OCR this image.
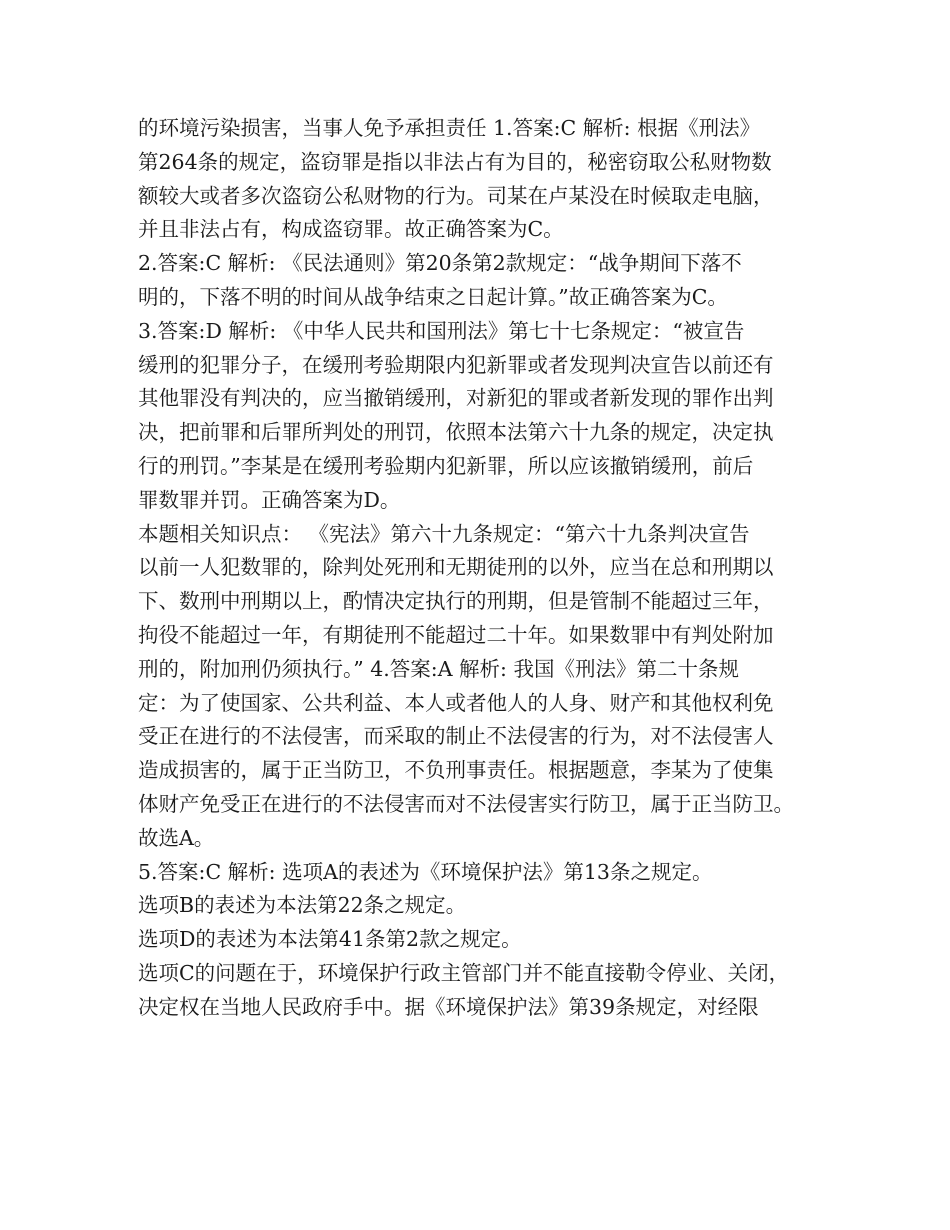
的环境污染损害，当事人免予承担责任 1.答案:C 解析: 根据《刑法》
第264条的规定，盗窃罪是指以非法占有为目的，秘密窃取公私财物数
额较大或者多次盗窃公私财物的行为。司某在卢某没在时候取走电脑，
并且非法占有，构成盗窃罪。故正确答案为C。
2.答案:C 解析: 《民法通则》第20条第2款规定：“战争期间下落不
明的，下落不明的时间从战争结束之日起计算。”故正确答案为C。
3.答案:D 解析: 《中华人民共和国刑法》第七十七条规定：“被宣告
缓刑的犯罪分子，在缓刑考验期限内犯新罪或者发现判决宣告以前还有
其他罪没有判决的，应当撤销缓刑，对新犯的罪或者新发现的罪作出判
决，把前罪和后罪所判处的刑罚，依照本法第六十九条的规定，决定执
行的刑罚。”李某是在缓刑考验期内犯新罪，所以应该撤销缓刑，前后
罪数罪并罚。正确答案为D。
本题相关知识点： 《宪法》第六十九条规定：“第六十九条判决宣告
以前一人犯数罪的，除判处死刑和无期徒刑的以外，应当在总和刑期以
下、数刑中刑期以上，酌情决定执行的刑期，但是管制不能超过三年，
拘役不能超过一年，有期徒刑不能超过二十年。如果数罪中有判处附加
刑的，附加刑仍须执行。” 4.答案:A 解析: 我国《刑法》第二十条规
定：为了使国家、公共利益、本人或者他人的人身、财产和其他权利免
受正在进行的不法侵害，而采取的制止不法侵害的行为，对不法侵害人
造成损害的，属于正当防卫，不负刑事责任。根据题意，李某为了使集
体财产免受正在进行的不法侵害而对不法侵害实行防卫，属于正当防卫。
故选A。
5.答案:C 解析: 选项A的表述为《环境保护法》第13条之规定。
选项B的表述为本法第22条之规定。
选项D的表述为本法第41条第2款之规定。
选项C的问题在于，环境保护行政主管部门并不能直接勒令停业、关闭，
决定权在当地人民政府手中。据《环境保护法》第39条规定，对经限
